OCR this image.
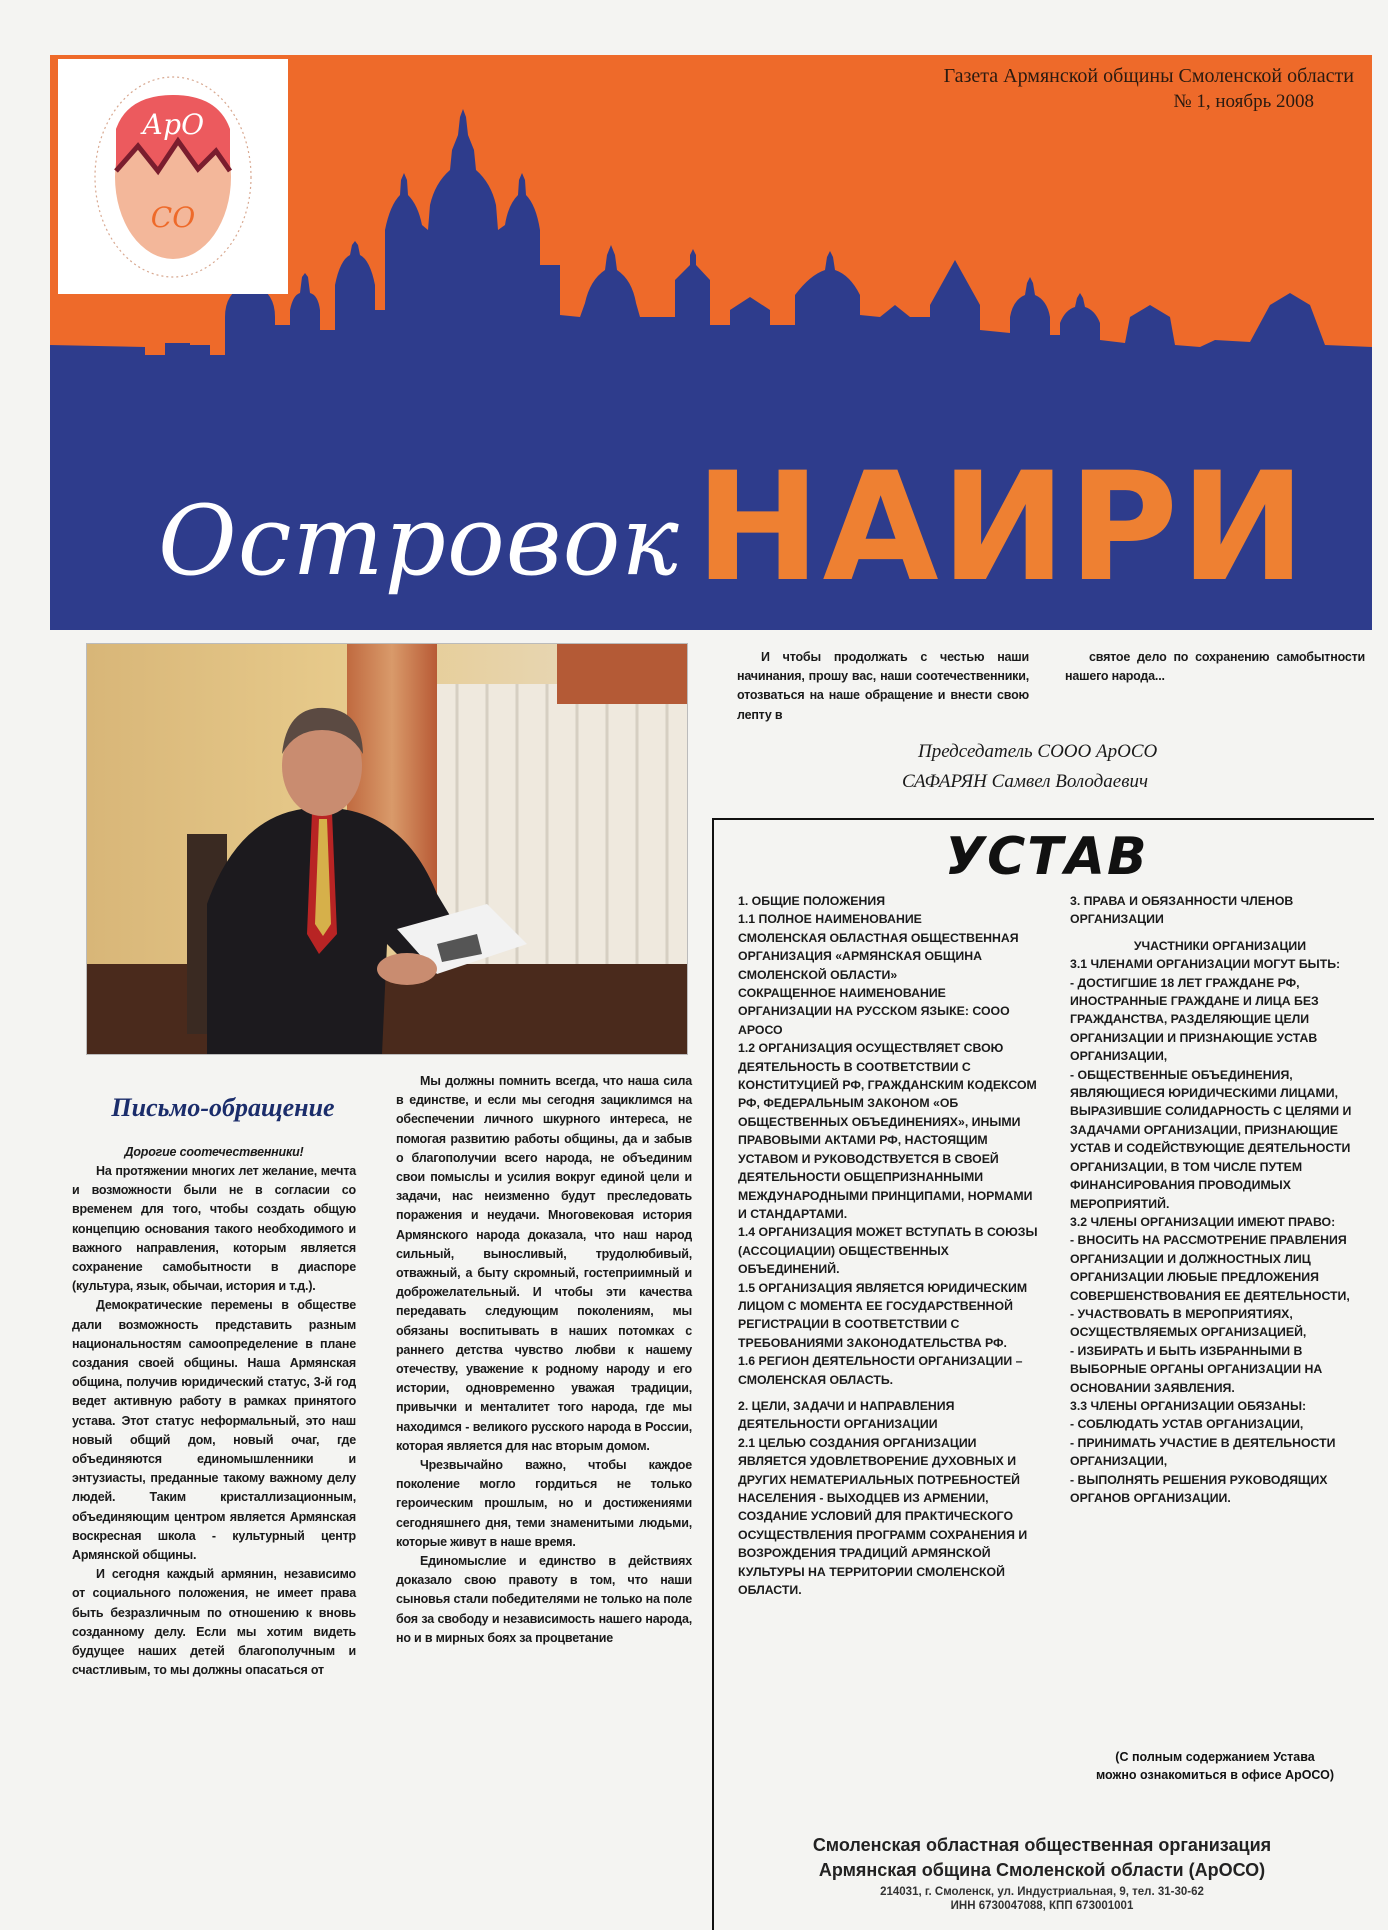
АрО
СО
Газета Армянской общины Смоленской области
№ 1, ноябрь 2008
Островок НАИРИ

И чтобы продолжать с честью наши начинания, прошу вас, наши соотечественники, отозваться на наше обращение и внести свою лепту в

святое дело по сохранению самобытности нашего народа...

Председатель СООО АрОСО
САФАРЯН Самвел Володаевич
Письмо-обращение

Дорогие соотечественники!

На протяжении многих лет желание, мечта и возможности были не в согласии со временем для того, чтобы создать общую концепцию основания такого необходимого и важного направления, которым является сохранение самобытности в диаспоре (культура, язык, обычаи, история и т.д.).

Демократические перемены в обществе дали возможность представить разным национальностям самоопределение в плане создания своей общины. Наша Армянская община, получив юридический статус, 3-й год ведет активную работу в рамках принятого устава. Этот статус неформальный, это наш новый общий дом, новый очаг, где объединяются единомышленники и энтузиасты, преданные такому важному делу людей. Таким кристаллизационным, объединяющим центром является Армянская воскресная школа - культурный центр Армянской общины.

И сегодня каждый армянин, независимо от социального положения, не имеет права быть безразличным по отношению к вновь созданному делу. Если мы хотим видеть будущее наших детей благополучным и счастливым, то мы должны опасаться от

Мы должны помнить всегда, что наша сила в единстве, и если мы сегодня зациклимся на обеспечении личного шкурного интереса, не помогая развитию работы общины, да и забыв о благополучии всего народа, не объединим свои помыслы и усилия вокруг единой цели и задачи, нас неизменно будут преследовать поражения и неудачи. Многовековая история Армянского народа доказала, что наш народ сильный, выносливый, трудолюбивый, отважный, а быту скромный, гостеприимный и доброжелательный. И чтобы эти качества передавать следующим поколениям, мы обязаны воспитывать в наших потомках с раннего детства чувство любви к нашему отечеству, уважение к родному народу и его истории, одновременно уважая традиции, привычки и менталитет того народа, где мы находимся - великого русского народа в России, которая является для нас вторым домом.

Чрезвычайно важно, чтобы каждое поколение могло гордиться не только героическим прошлым, но и достижениями сегодняшнего дня, теми знаменитыми людьми, которые живут в наше время.

Единомыслие и единство в действиях доказало свою правоту в том, что наши сыновья стали победителями не только на поле боя за свободу и независимость нашего народа, но и в мирных боях за процветание

УСТАВ

1. ОБЩИЕ ПОЛОЖЕНИЯ

1.1 ПОЛНОЕ НАИМЕНОВАНИЕ

СМОЛЕНСКАЯ ОБЛАСТНАЯ ОБЩЕСТВЕННАЯ ОРГАНИЗАЦИЯ «АРМЯНСКАЯ ОБЩИНА СМОЛЕНСКОЙ ОБЛАСТИ»

СОКРАЩЕННОЕ НАИМЕНОВАНИЕ ОРГАНИЗАЦИИ НА РУССКОМ ЯЗЫКЕ: СООО АРОСО

1.2 ОРГАНИЗАЦИЯ ОСУЩЕСТВЛЯЕТ СВОЮ ДЕЯТЕЛЬНОСТЬ В СООТВЕТСТВИИ С КОНСТИТУЦИЕЙ РФ, ГРАЖДАНСКИМ КОДЕКСОМ РФ, ФЕДЕРАЛЬНЫМ ЗАКОНОМ «ОБ ОБЩЕСТВЕННЫХ ОБЪЕДИНЕНИЯХ», ИНЫМИ ПРАВОВЫМИ АКТАМИ РФ, НАСТОЯЩИМ УСТАВОМ И РУКОВОДСТВУЕТСЯ В СВОЕЙ ДЕЯТЕЛЬНОСТИ ОБЩЕПРИЗНАННЫМИ МЕЖДУНАРОДНЫМИ ПРИНЦИПАМИ, НОРМАМИ И СТАНДАРТАМИ.

1.4 ОРГАНИЗАЦИЯ МОЖЕТ ВСТУПАТЬ В СОЮЗЫ (АССОЦИАЦИИ) ОБЩЕСТВЕННЫХ ОБЪЕДИНЕНИЙ.

1.5 ОРГАНИЗАЦИЯ ЯВЛЯЕТСЯ ЮРИДИЧЕСКИМ ЛИЦОМ С МОМЕНТА ЕЕ ГОСУДАРСТВЕННОЙ РЕГИСТРАЦИИ В СООТВЕТСТВИИ С ТРЕБОВАНИЯМИ ЗАКОНОДАТЕЛЬСТВА РФ.

1.6 РЕГИОН ДЕЯТЕЛЬНОСТИ ОРГАНИЗАЦИИ – СМОЛЕНСКАЯ ОБЛАСТЬ.

2. ЦЕЛИ, ЗАДАЧИ И НАПРАВЛЕНИЯ ДЕЯТЕЛЬНОСТИ ОРГАНИЗАЦИИ

2.1 ЦЕЛЬЮ СОЗДАНИЯ ОРГАНИЗАЦИИ ЯВЛЯЕТСЯ УДОВЛЕТВОРЕНИЕ ДУХОВНЫХ И ДРУГИХ НЕМАТЕРИАЛЬНЫХ ПОТРЕБНОСТЕЙ НАСЕЛЕНИЯ - ВЫХОДЦЕВ ИЗ АРМЕНИИ, СОЗДАНИЕ УСЛОВИЙ ДЛЯ ПРАКТИЧЕСКОГО ОСУЩЕСТВЛЕНИЯ ПРОГРАММ СОХРАНЕНИЯ И ВОЗРОЖДЕНИЯ ТРАДИЦИЙ АРМЯНСКОЙ КУЛЬТУРЫ НА ТЕРРИТОРИИ СМОЛЕНСКОЙ ОБЛАСТИ.

3. ПРАВА И ОБЯЗАННОСТИ ЧЛЕНОВ ОРГАНИЗАЦИИ

УЧАСТНИКИ ОРГАНИЗАЦИИ

3.1 ЧЛЕНАМИ ОРГАНИЗАЦИИ МОГУТ БЫТЬ:

- ДОСТИГШИЕ 18 ЛЕТ ГРАЖДАНЕ РФ, ИНОСТРАННЫЕ ГРАЖДАНЕ И ЛИЦА БЕЗ ГРАЖДАНСТВА, РАЗДЕЛЯЮЩИЕ ЦЕЛИ ОРГАНИЗАЦИИ И ПРИЗНАЮЩИЕ УСТАВ ОРГАНИЗАЦИИ,

- ОБЩЕСТВЕННЫЕ ОБЪЕДИНЕНИЯ, ЯВЛЯЮЩИЕСЯ ЮРИДИЧЕСКИМИ ЛИЦАМИ, ВЫРАЗИВШИЕ СОЛИДАРНОСТЬ С ЦЕЛЯМИ И ЗАДАЧАМИ ОРГАНИЗАЦИИ, ПРИЗНАЮЩИЕ УСТАВ И СОДЕЙСТВУЮЩИЕ ДЕЯТЕЛЬНОСТИ ОРГАНИЗАЦИИ, В ТОМ ЧИСЛЕ ПУТЕМ ФИНАНСИРОВАНИЯ ПРОВОДИМЫХ МЕРОПРИЯТИЙ.

3.2 ЧЛЕНЫ ОРГАНИЗАЦИИ ИМЕЮТ ПРАВО:

- ВНОСИТЬ НА РАССМОТРЕНИЕ ПРАВЛЕНИЯ ОРГАНИЗАЦИИ И ДОЛЖНОСТНЫХ ЛИЦ ОРГАНИЗАЦИИ ЛЮБЫЕ ПРЕДЛОЖЕНИЯ СОВЕРШЕНСТВОВАНИЯ ЕЕ ДЕЯТЕЛЬНОСТИ,

- УЧАСТВОВАТЬ В МЕРОПРИЯТИЯХ, ОСУЩЕСТВЛЯЕМЫХ ОРГАНИЗАЦИЕЙ,

- ИЗБИРАТЬ И БЫТЬ ИЗБРАННЫМИ В ВЫБОРНЫЕ ОРГАНЫ ОРГАНИЗАЦИИ НА ОСНОВАНИИ ЗАЯВЛЕНИЯ.

3.3 ЧЛЕНЫ ОРГАНИЗАЦИИ ОБЯЗАНЫ:

- СОБЛЮДАТЬ УСТАВ ОРГАНИЗАЦИИ,

- ПРИНИМАТЬ УЧАСТИЕ В ДЕЯТЕЛЬНОСТИ ОРГАНИЗАЦИИ,

- ВЫПОЛНЯТЬ РЕШЕНИЯ РУКОВОДЯЩИХ ОРГАНОВ ОРГАНИЗАЦИИ.

(С полным содержанием Устава можно ознакомиться в офисе АрОСО)
Смоленская областная общественная организация
Армянская община Смоленской области (АрОСО)
214031, г. Смоленск, ул. Индустриальная, 9, тел. 31-30-62
ИНН 6730047088, КПП 673001001
